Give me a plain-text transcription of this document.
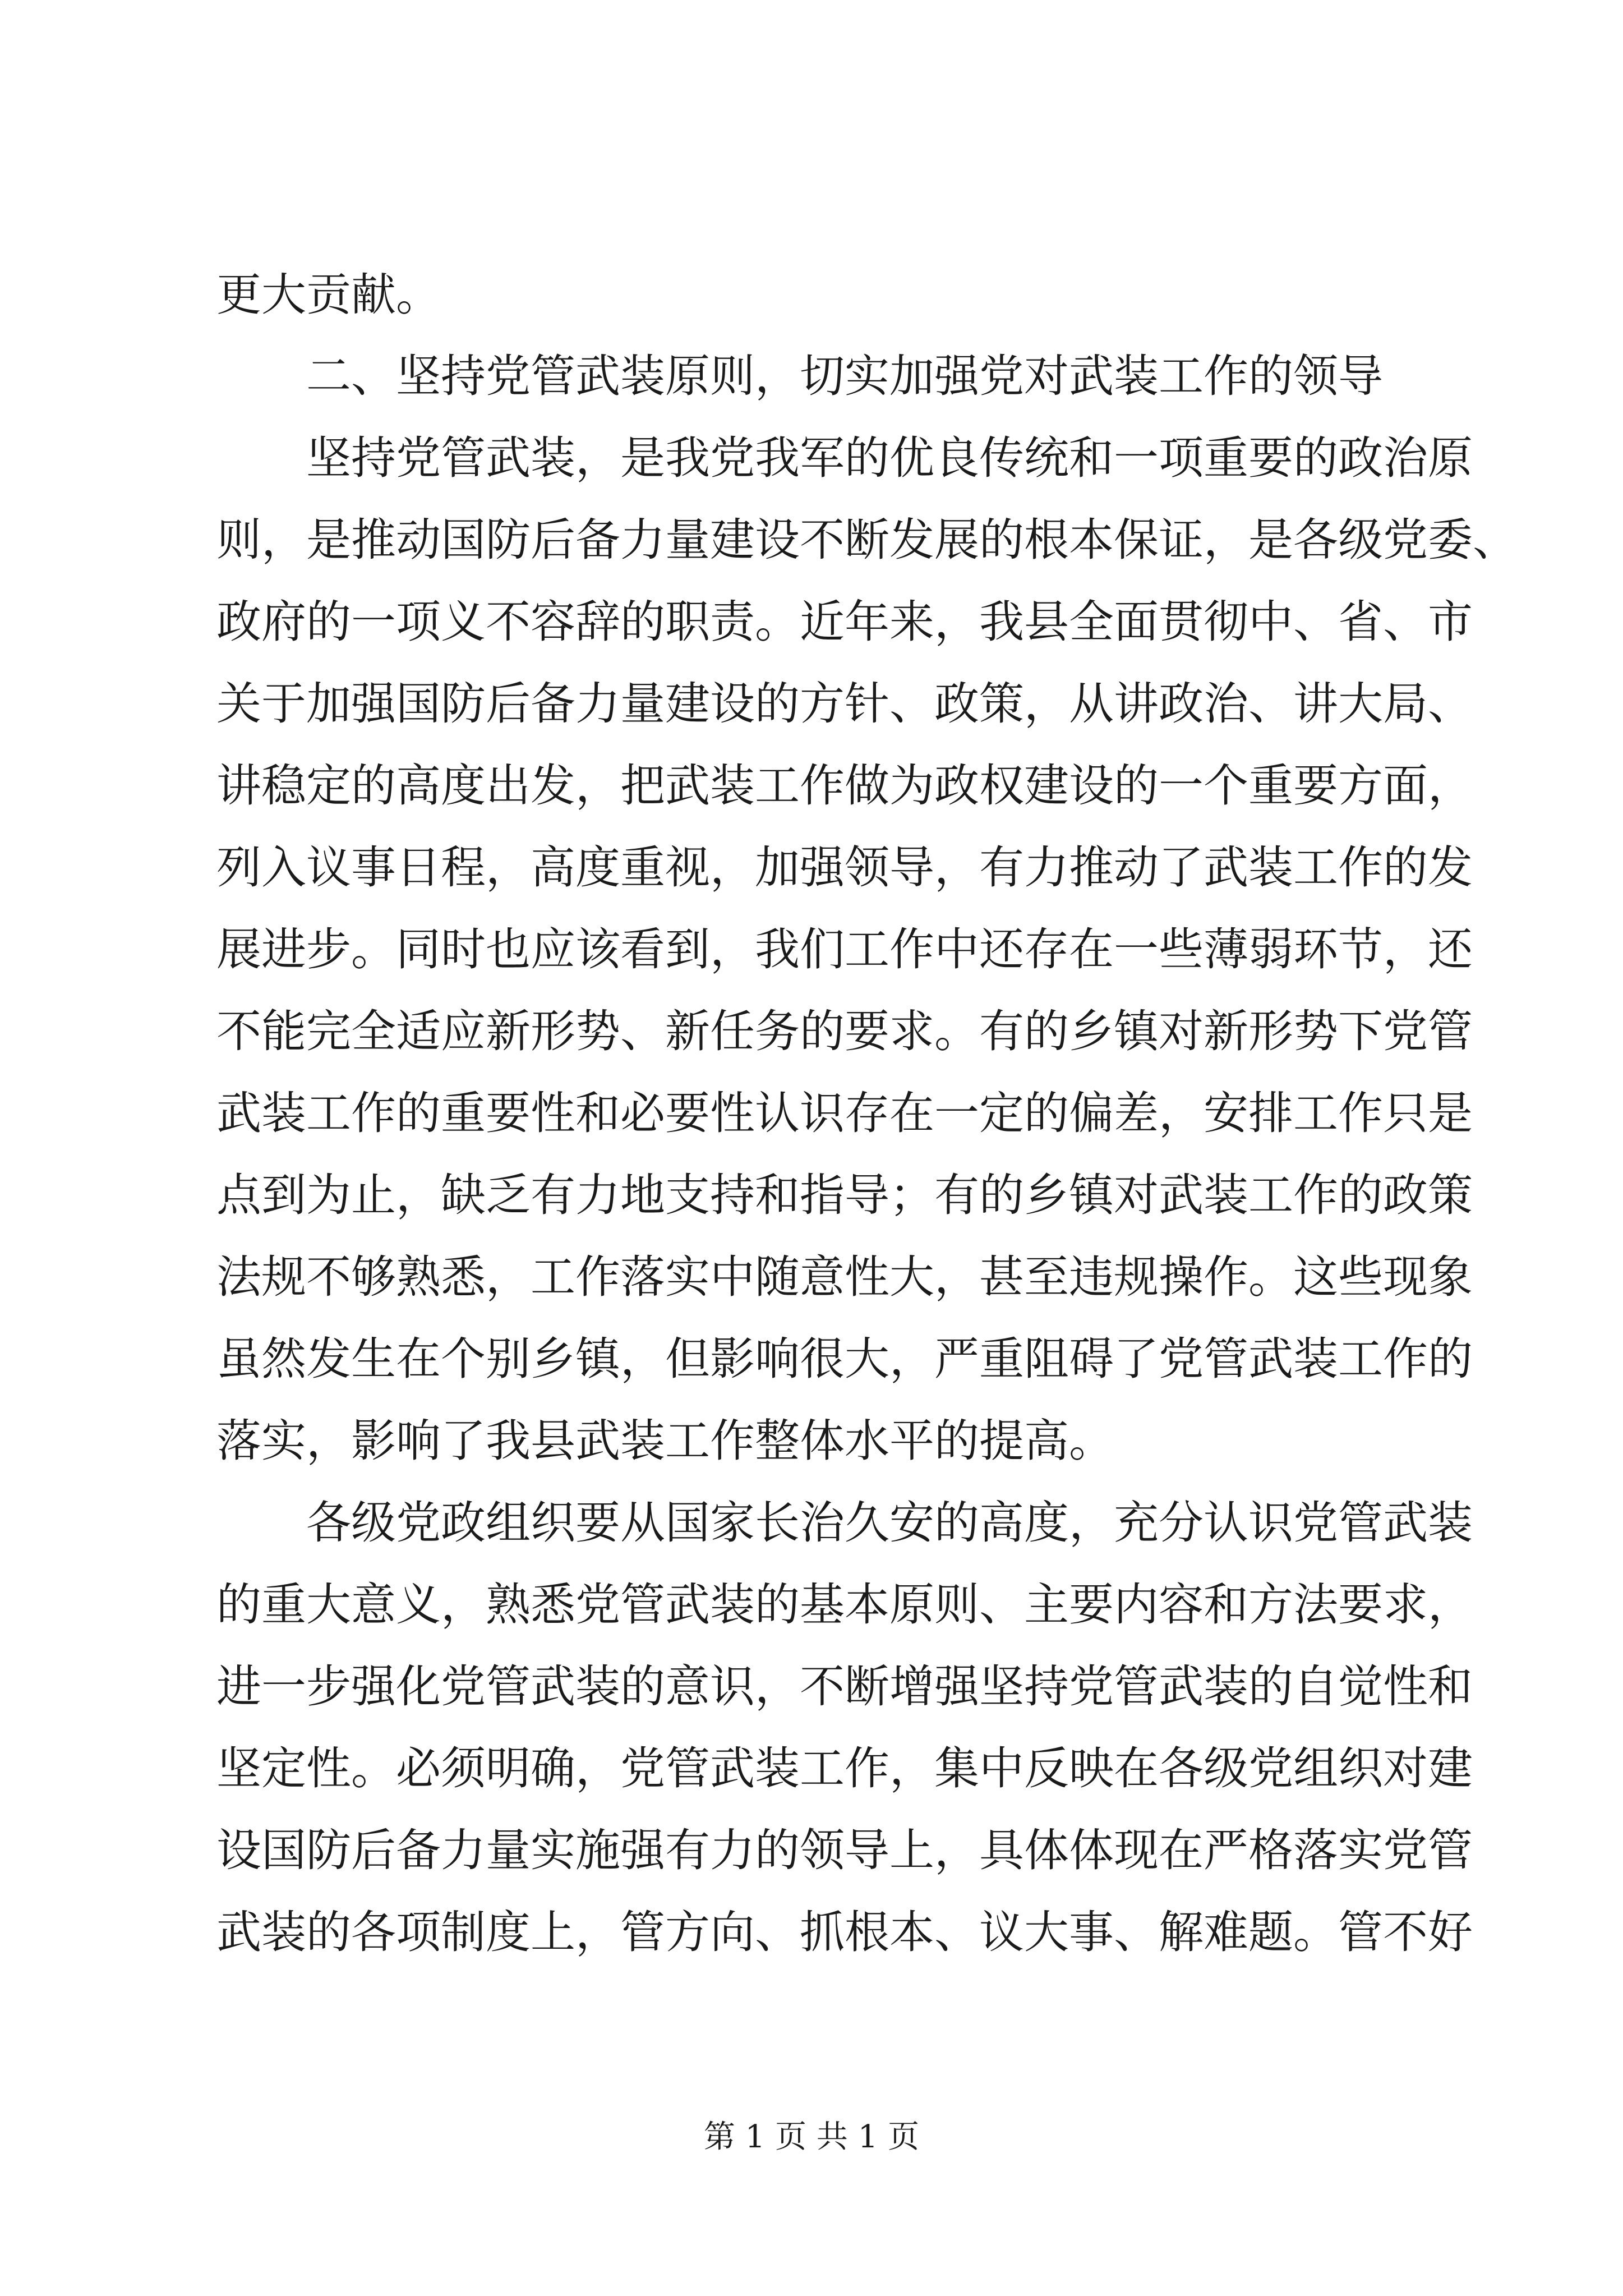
更大贡献。
二、坚持党管武装原则，切实加强党对武装工作的领导
坚持党管武装，是我党我军的优良传统和一项重要的政治原
则，是推动国防后备力量建设不断发展的根本保证，是各级党委、
政府的一项义不容辞的职责。近年来，我县全面贯彻中、省、市
关于加强国防后备力量建设的方针、政策，从讲政治、讲大局、
讲稳定的高度出发，把武装工作做为政权建设的一个重要方面，
列入议事日程，高度重视，加强领导，有力推动了武装工作的发
展进步。同时也应该看到，我们工作中还存在一些薄弱环节，还
不能完全适应新形势、新任务的要求。有的乡镇对新形势下党管
武装工作的重要性和必要性认识存在一定的偏差，安排工作只是
点到为止，缺乏有力地支持和指导；有的乡镇对武装工作的政策
法规不够熟悉，工作落实中随意性大，甚至违规操作。这些现象
虽然发生在个别乡镇，但影响很大，严重阻碍了党管武装工作的
落实，影响了我县武装工作整体水平的提高。
各级党政组织要从国家长治久安的高度，充分认识党管武装
的重大意义，熟悉党管武装的基本原则、主要内容和方法要求，
进一步强化党管武装的意识，不断增强坚持党管武装的自觉性和
坚定性。必须明确，党管武装工作，集中反映在各级党组织对建
设国防后备力量实施强有力的领导上，具体体现在严格落实党管
武装的各项制度上，管方向、抓根本、议大事、解难题。管不好
第 1 页 共 1 页
